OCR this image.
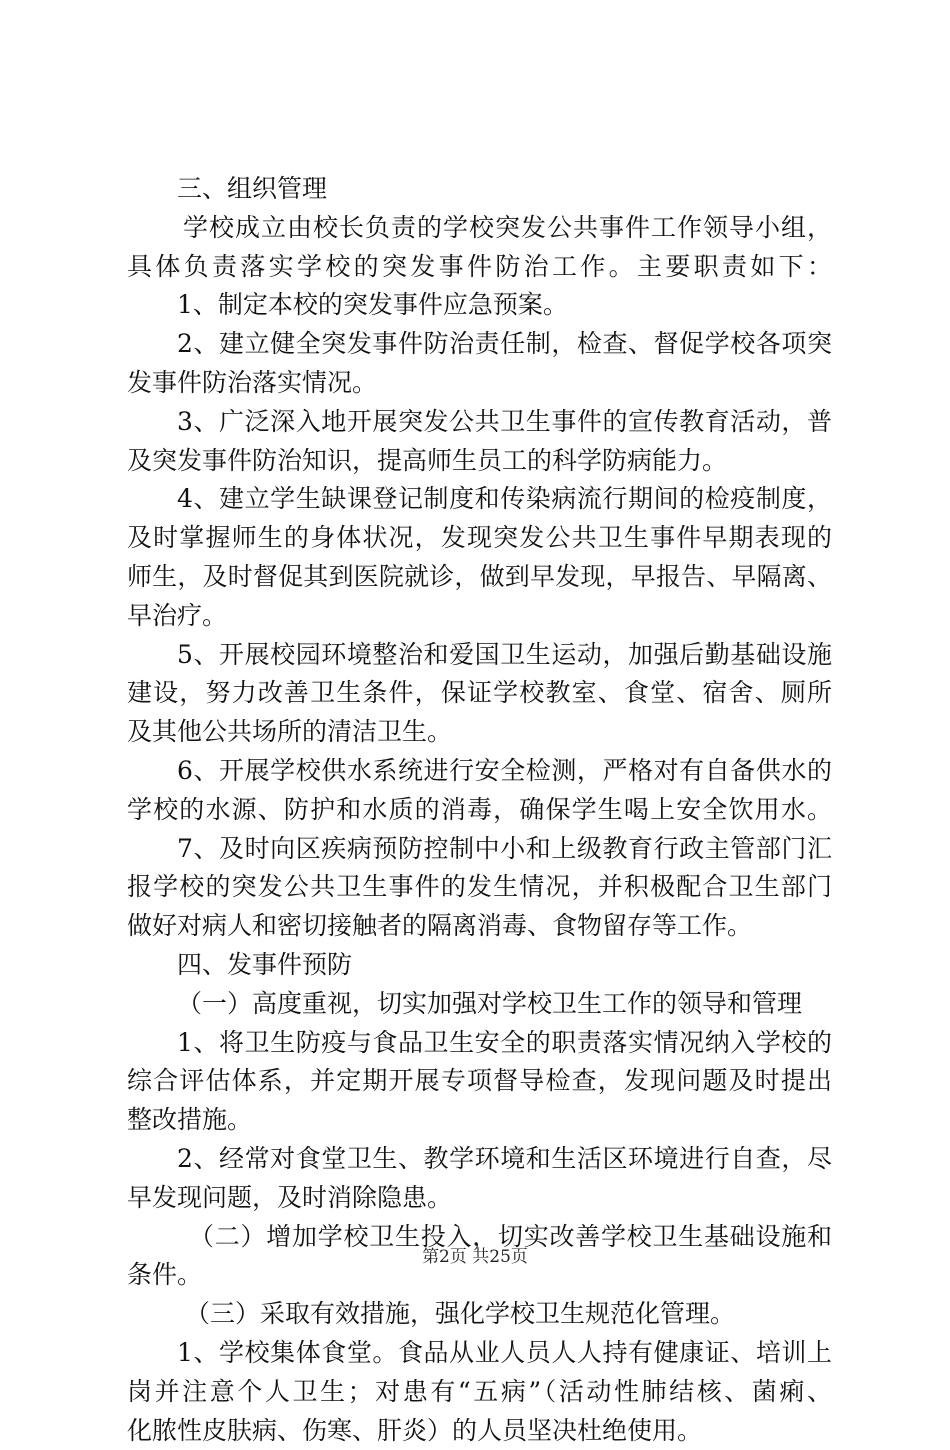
三、组织管理
学校成立由校长负责的学校突发公共事件工作领导小组，
具体负责落实学校的突发事件防治工作。主要职责如下：
1、制定本校的突发事件应急预案。
2、建立健全突发事件防治责任制，检查、督促学校各项突
发事件防治落实情况。
3、广泛深入地开展突发公共卫生事件的宣传教育活动，普
及突发事件防治知识，提高师生员工的科学防病能力。
4、建立学生缺课登记制度和传染病流行期间的检疫制度，
及时掌握师生的身体状况，发现突发公共卫生事件早期表现的
师生，及时督促其到医院就诊，做到早发现，早报告、早隔离、
早治疗。
5、开展校园环境整治和爱国卫生运动，加强后勤基础设施
建设，努力改善卫生条件，保证学校教室、食堂、宿舍、厕所
及其他公共场所的清洁卫生。
6、开展学校供水系统进行安全检测，严格对有自备供水的
学校的水源、防护和水质的消毒，确保学生喝上安全饮用水。
7、及时向区疾病预防控制中小和上级教育行政主管部门汇
报学校的突发公共卫生事件的发生情况，并积极配合卫生部门
做好对病人和密切接触者的隔离消毒、食物留存等工作。
四、发事件预防
（一）高度重视，切实加强对学校卫生工作的领导和管理
1、将卫生防疫与食品卫生安全的职责落实情况纳入学校的
综合评估体系，并定期开展专项督导检查，发现问题及时提出
整改措施。
2、经常对食堂卫生、教学环境和生活区环境进行自查，尽
早发现问题，及时消除隐患。
（二）增加学校卫生投入，切实改善学校卫生基础设施和
条件。
（三）采取有效措施，强化学校卫生规范化管理。
1、学校集体食堂。食品从业人员人人持有健康证、培训上
岗并注意个人卫生；对患有“五病”（活动性肺结核、菌痢、
化脓性皮肤病、伤寒、肝炎）的人员坚决杜绝使用。
第2页 共25页
